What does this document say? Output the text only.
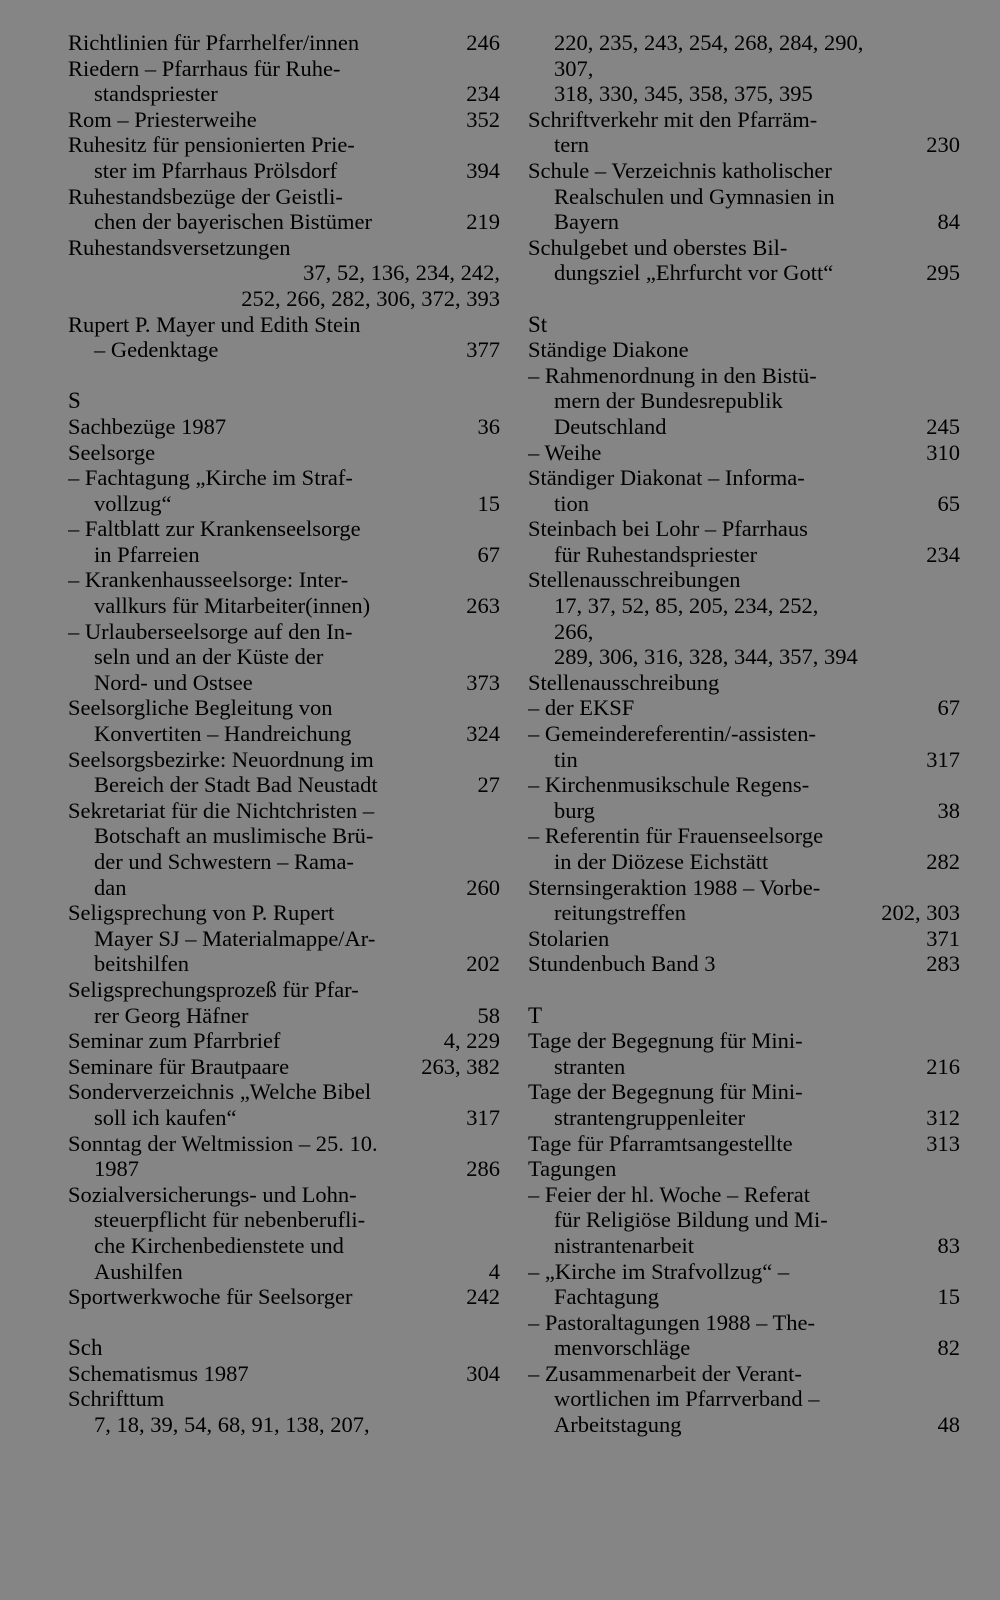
Richtlinien für Pfarrhelfer/innen	246
Riedern – Pfarrhaus für Ruhe-
standspriester	234
Rom – Priesterweihe	352
Ruhesitz für pensionierten Prie-
ster im Pfarrhaus Prölsdorf	394
Ruhestandsbezüge der Geistli-
chen der bayerischen Bistümer	219
Ruhestandsversetzungen
37, 52, 136, 234, 242,
252, 266, 282, 306, 372, 393
Rupert P. Mayer und Edith Stein
– Gedenktage	377
S
Sachbezüge 1987	36
Seelsorge
– Fachtagung „Kirche im Straf-
vollzug“	15
– Faltblatt zur Krankenseelsorge
in Pfarreien	67
– Krankenhausseelsorge: Inter-
vallkurs für Mitarbeiter(innen)	263
– Urlauberseelsorge auf den In-
seln und an der Küste der
Nord- und Ostsee	373
Seelsorgliche Begleitung von
Konvertiten – Handreichung	324
Seelsorgsbezirke: Neuordnung im
Bereich der Stadt Bad Neustadt	27
Sekretariat für die Nichtchristen –
Botschaft an muslimische Brü-
der und Schwestern – Rama-
dan	260
Seligsprechung von P. Rupert
Mayer SJ – Materialmappe/Ar-
beitshilfen	202
Seligsprechungsprozeß für Pfar-
rer Georg Häfner	58
Seminar zum Pfarrbrief	4, 229
Seminare für Brautpaare	263, 382
Sonderverzeichnis „Welche Bibel
soll ich kaufen“	317
Sonntag der Weltmission – 25. 10.
1987	286
Sozialversicherungs- und Lohn-
steuerpflicht für nebenberufli-
che Kirchenbedienstete und
Aushilfen	4
Sportwerkwoche für Seelsorger	242
Sch
Schematismus 1987	304
Schrifttum
7, 18, 39, 54, 68, 91, 138, 207,
220, 235, 243, 254, 268, 284, 290,
307,
318, 330, 345, 358, 375, 395
Schriftverkehr mit den Pfarräm-
tern	230
Schule – Verzeichnis katholischer
Realschulen und Gymnasien in
Bayern	84
Schulgebet und oberstes Bil-
dungsziel „Ehrfurcht vor Gott“	295
St
Ständige Diakone
– Rahmenordnung in den Bistü-
mern der Bundesrepublik
Deutschland	245
– Weihe	310
Ständiger Diakonat – Informa-
tion	65
Steinbach bei Lohr – Pfarrhaus
für Ruhestandspriester	234
Stellenausschreibungen
17, 37, 52, 85, 205, 234, 252,
266,
289, 306, 316, 328, 344, 357, 394
Stellenausschreibung
– der EKSF	67
– Gemeindereferentin/-assisten-
tin	317
– Kirchenmusikschule Regens-
burg	38
– Referentin für Frauenseelsorge
in der Diözese Eichstätt	282
Sternsingeraktion 1988 – Vorbe-
reitungstreffen	202, 303
Stolarien	371
Stundenbuch Band 3	283
T
Tage der Begegnung für Mini-
stranten	216
Tage der Begegnung für Mini-
strantengruppenleiter	312
Tage für Pfarramtsangestellte	313
Tagungen
– Feier der hl. Woche – Referat
für Religiöse Bildung und Mi-
nistrantenarbeit	83
– „Kirche im Strafvollzug“ –
Fachtagung	15
– Pastoraltagungen 1988 – The-
menvorschläge	82
– Zusammenarbeit der Verant-
wortlichen im Pfarrverband –
Arbeitstagung	48
